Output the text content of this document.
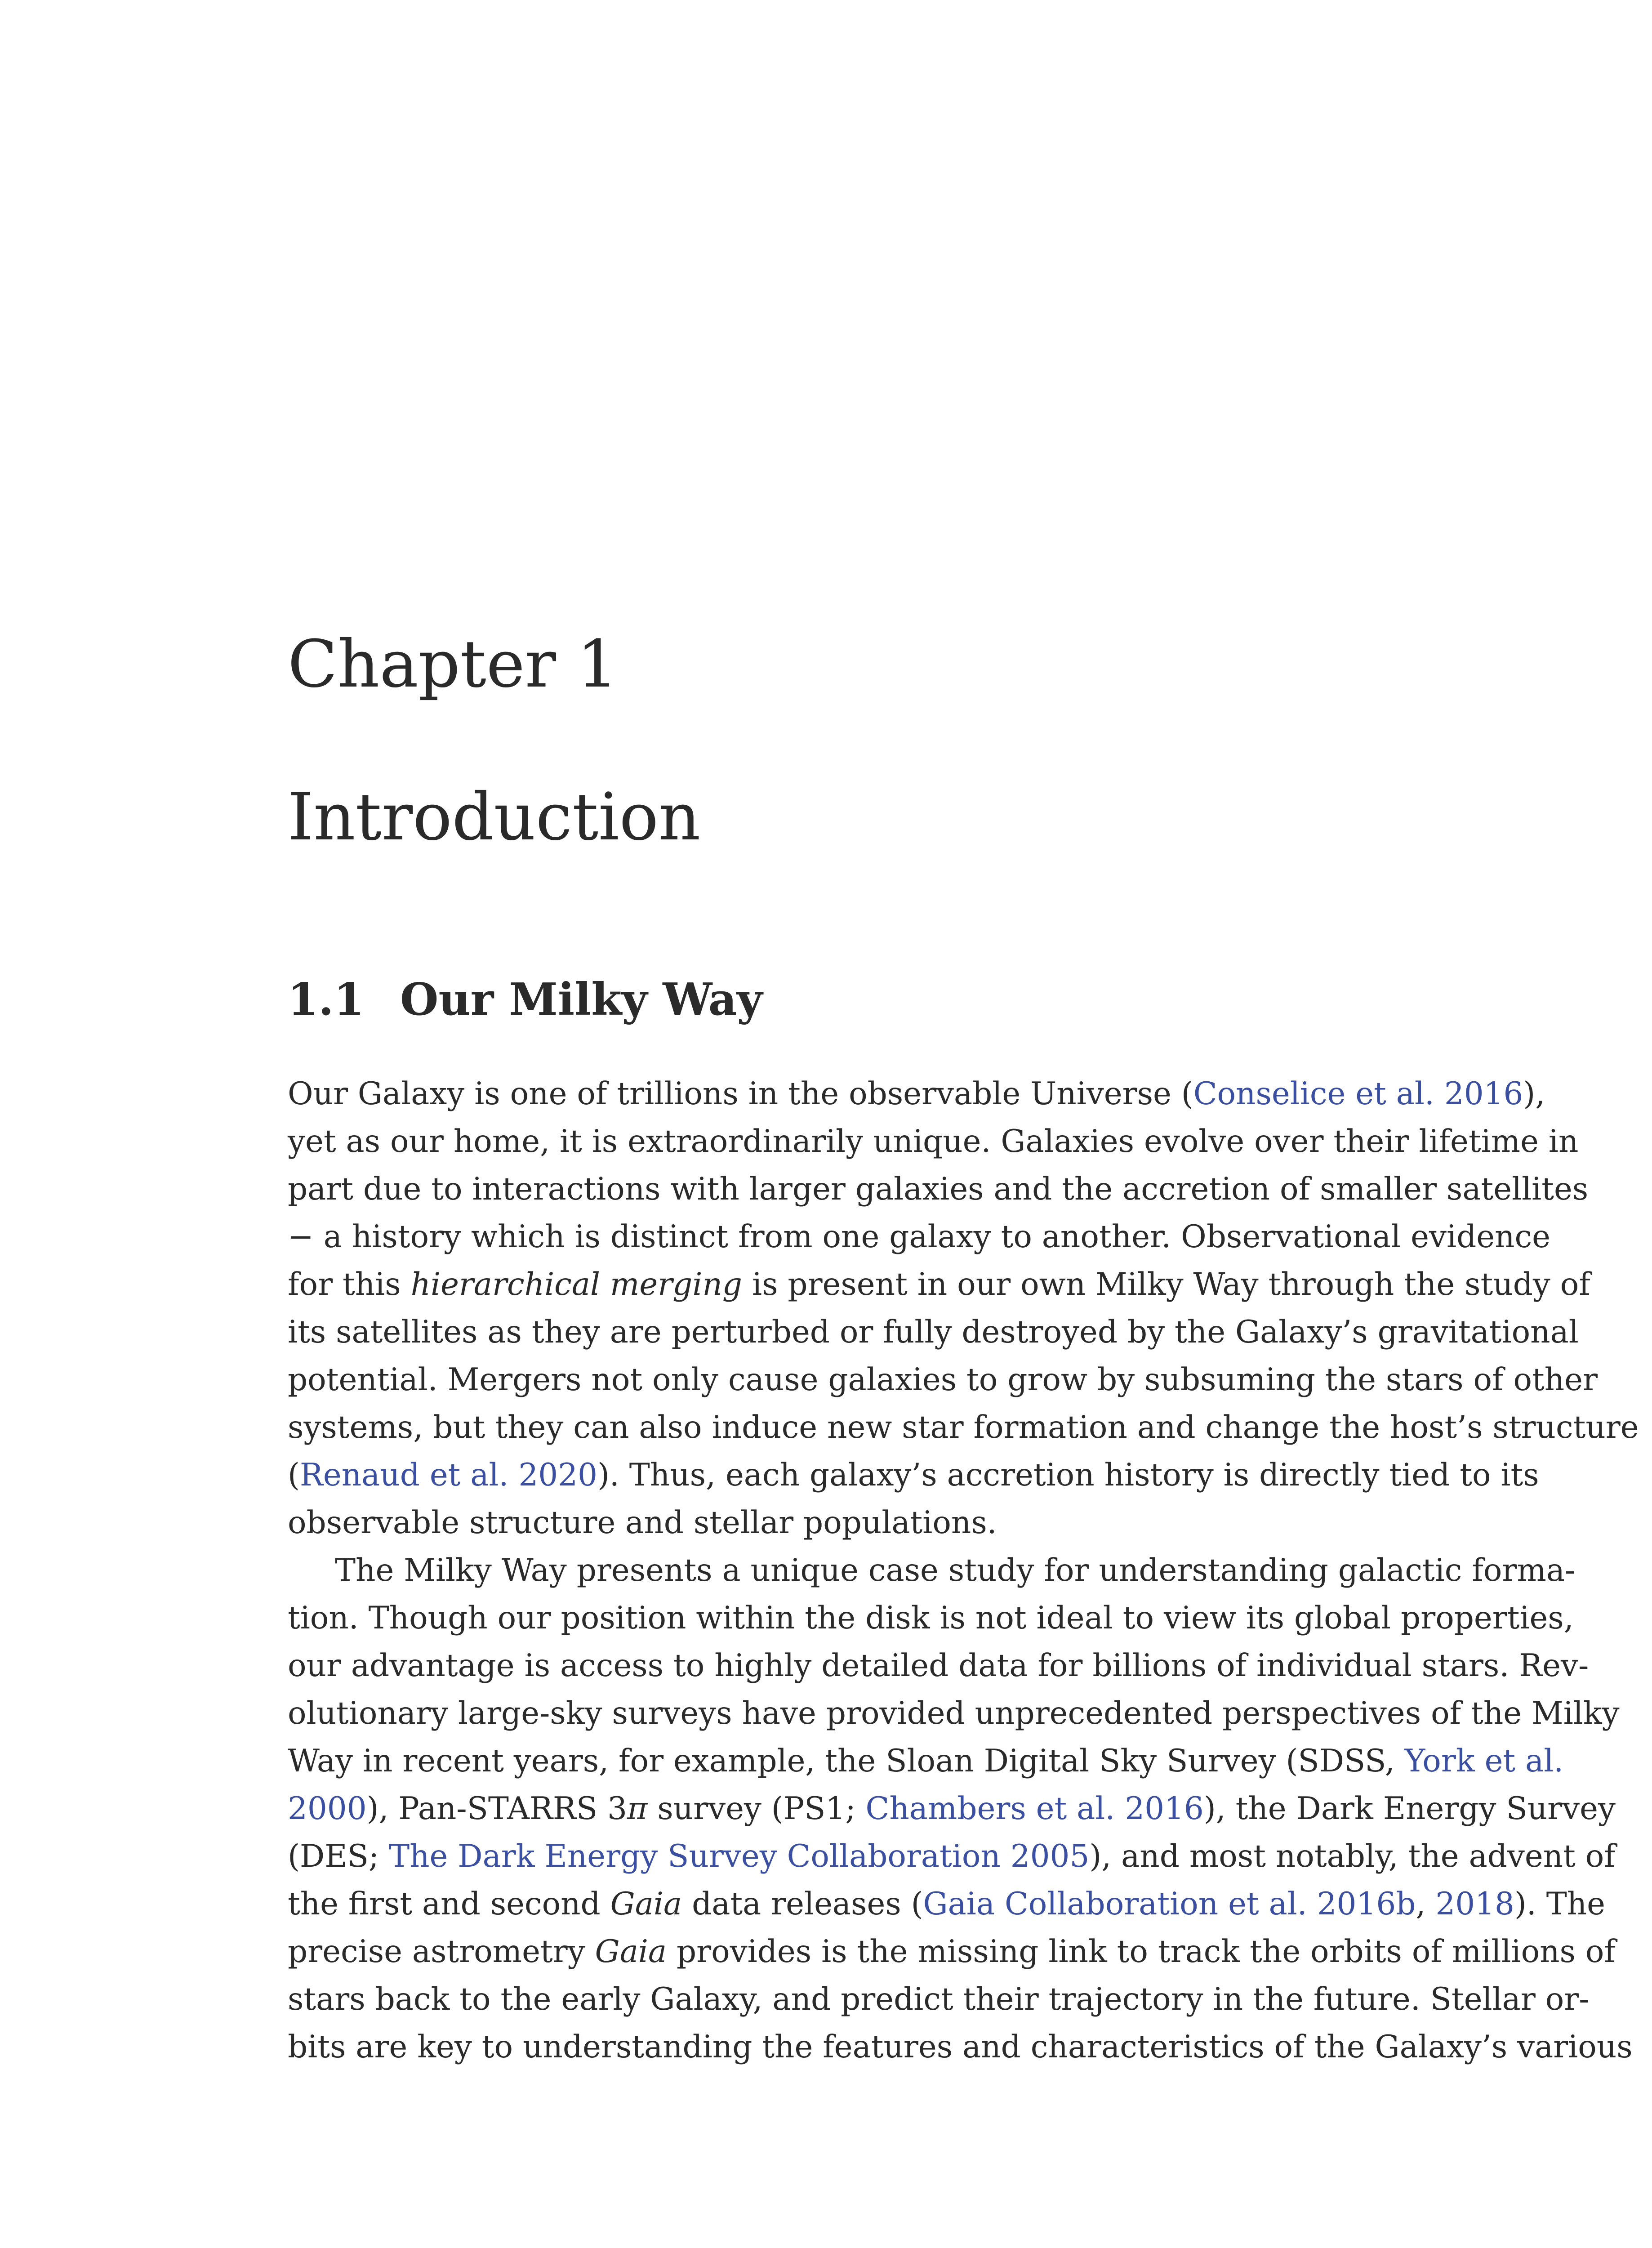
Chapter 1
Introduction
1.1 Our Milky Way
Our Galaxy is one of trillions in the observable Universe (Conselice et al. 2016),
yet as our home, it is extraordinarily unique. Galaxies evolve over their lifetime in
part due to interactions with larger galaxies and the accretion of smaller satellites
− a history which is distinct from one galaxy to another. Observational evidence
for this hierarchical merging is present in our own Milky Way through the study of
its satellites as they are perturbed or fully destroyed by the Galaxy’s gravitational
potential. Mergers not only cause galaxies to grow by subsuming the stars of other
systems, but they can also induce new star formation and change the host’s structure
(Renaud et al. 2020). Thus, each galaxy’s accretion history is directly tied to its
observable structure and stellar populations.
The Milky Way presents a unique case study for understanding galactic forma-
tion. Though our position within the disk is not ideal to view its global properties,
our advantage is access to highly detailed data for billions of individual stars. Rev-
olutionary large-sky surveys have provided unprecedented perspectives of the Milky
Way in recent years, for example, the Sloan Digital Sky Survey (SDSS, York et al.
2000), Pan-STARRS 3π survey (PS1; Chambers et al. 2016), the Dark Energy Survey
(DES; The Dark Energy Survey Collaboration 2005), and most notably, the advent of
the first and second Gaia data releases (Gaia Collaboration et al. 2016b, 2018). The
precise astrometry Gaia provides is the missing link to track the orbits of millions of
stars back to the early Galaxy, and predict their trajectory in the future. Stellar or-
bits are key to understanding the features and characteristics of the Galaxy’s various
